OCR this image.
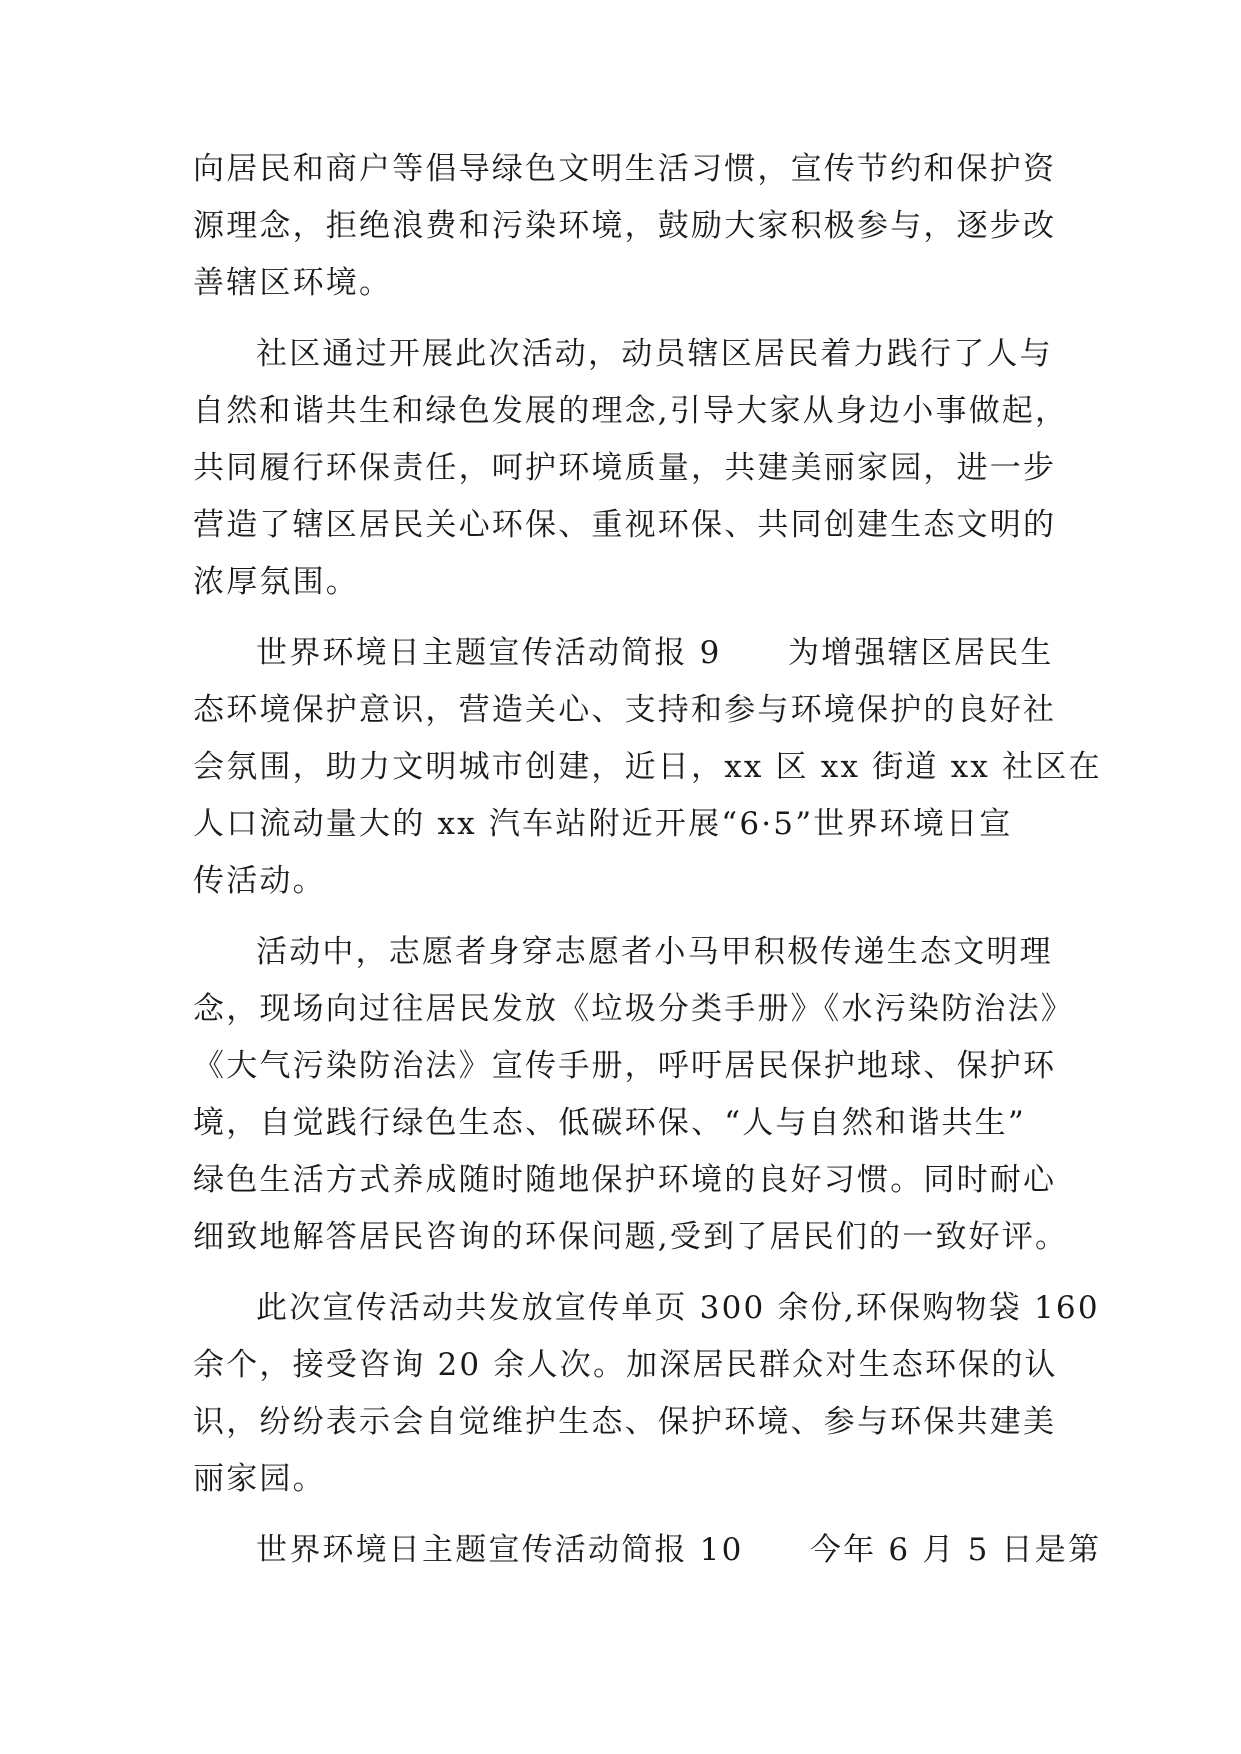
向居民和商户等倡导绿色文明生活习惯，宣传节约和保护资
源理念，拒绝浪费和污染环境，鼓励大家积极参与，逐步改
善辖区环境。
社区通过开展此次活动，动员辖区居民着力践行了人与
自然和谐共生和绿色发展的理念,引导大家从身边小事做起，
共同履行环保责任，呵护环境质量，共建美丽家园，进一步
营造了辖区居民关心环保、重视环保、共同创建生态文明的
浓厚氛围。
世界环境日主题宣传活动简报 9　　为增强辖区居民生
态环境保护意识，营造关心、支持和参与环境保护的良好社
会氛围，助力文明城市创建，近日，xx 区 xx 街道 xx 社区在
人口流动量大的 xx 汽车站附近开展“6·5”世界环境日宣
传活动。
活动中，志愿者身穿志愿者小马甲积极传递生态文明理
念，现场向过往居民发放《垃圾分类手册》《水污染防治法》
《大气污染防治法》宣传手册，呼吁居民保护地球、保护环
境，自觉践行绿色生态、低碳环保、“人与自然和谐共生”
绿色生活方式养成随时随地保护环境的良好习惯。同时耐心
细致地解答居民咨询的环保问题,受到了居民们的一致好评。
此次宣传活动共发放宣传单页 300 余份,环保购物袋 160
余个，接受咨询 20 余人次。加深居民群众对生态环保的认
识，纷纷表示会自觉维护生态、保护环境、参与环保共建美
丽家园。
世界环境日主题宣传活动简报 10　　今年 6 月 5 日是第
